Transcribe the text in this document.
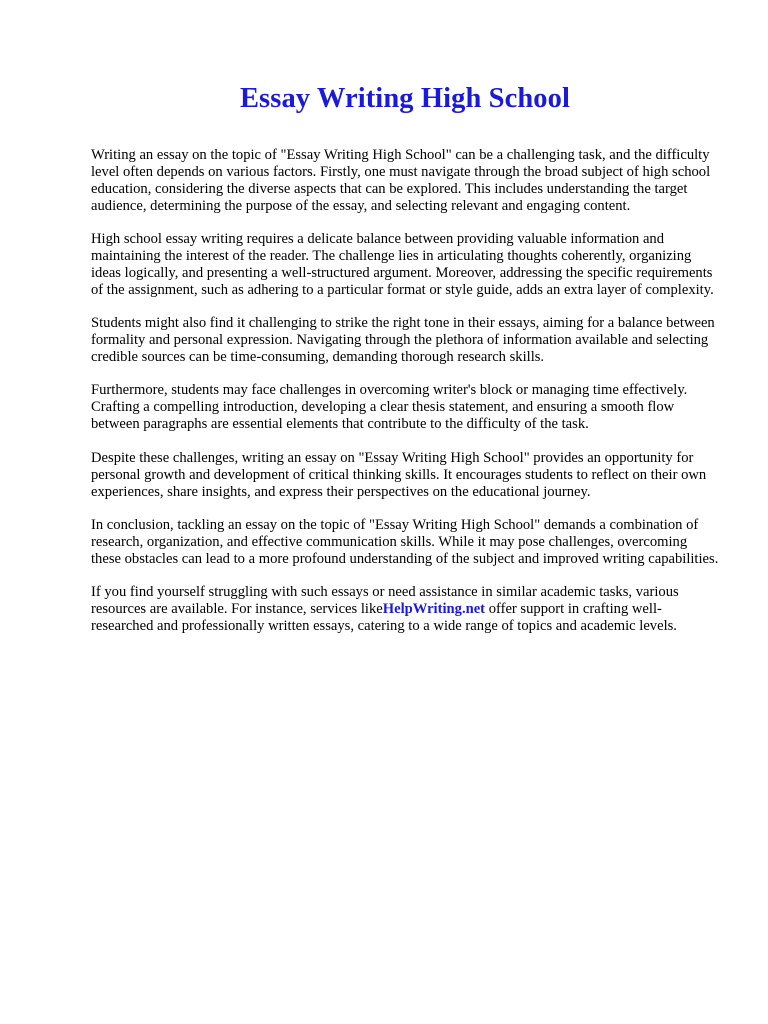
Essay Writing High School

Writing an essay on the topic of "Essay Writing High School" can be a challenging task, and the difficulty level often depends on various factors. Firstly, one must navigate through the broad subject of high school education, considering the diverse aspects that can be explored. This includes understanding the target audience, determining the purpose of the essay, and selecting relevant and engaging content.

High school essay writing requires a delicate balance between providing valuable information and maintaining the interest of the reader. The challenge lies in articulating thoughts coherently, organizing ideas logically, and presenting a well-structured argument. Moreover, addressing the specific requirements of the assignment, such as adhering to a particular format or style guide, adds an extra layer of complexity.

Students might also find it challenging to strike the right tone in their essays, aiming for a balance between formality and personal expression. Navigating through the plethora of information available and selecting credible sources can be time-consuming, demanding thorough research skills.

Furthermore, students may face challenges in overcoming writer's block or managing time effectively. Crafting a compelling introduction, developing a clear thesis statement, and ensuring a smooth flow between paragraphs are essential elements that contribute to the difficulty of the task.

Despite these challenges, writing an essay on "Essay Writing High School" provides an opportunity for personal growth and development of critical thinking skills. It encourages students to reflect on their own experiences, share insights, and express their perspectives on the educational journey.

In conclusion, tackling an essay on the topic of "Essay Writing High School" demands a combination of research, organization, and effective communication skills. While it may pose challenges, overcoming these obstacles can lead to a more profound understanding of the subject and improved writing capabilities.

If you find yourself struggling with such essays or need assistance in similar academic tasks, various resources are available. For instance, services likeHelpWriting.net offer support in crafting well-researched and professionally written essays, catering to a wide range of topics and academic levels.
